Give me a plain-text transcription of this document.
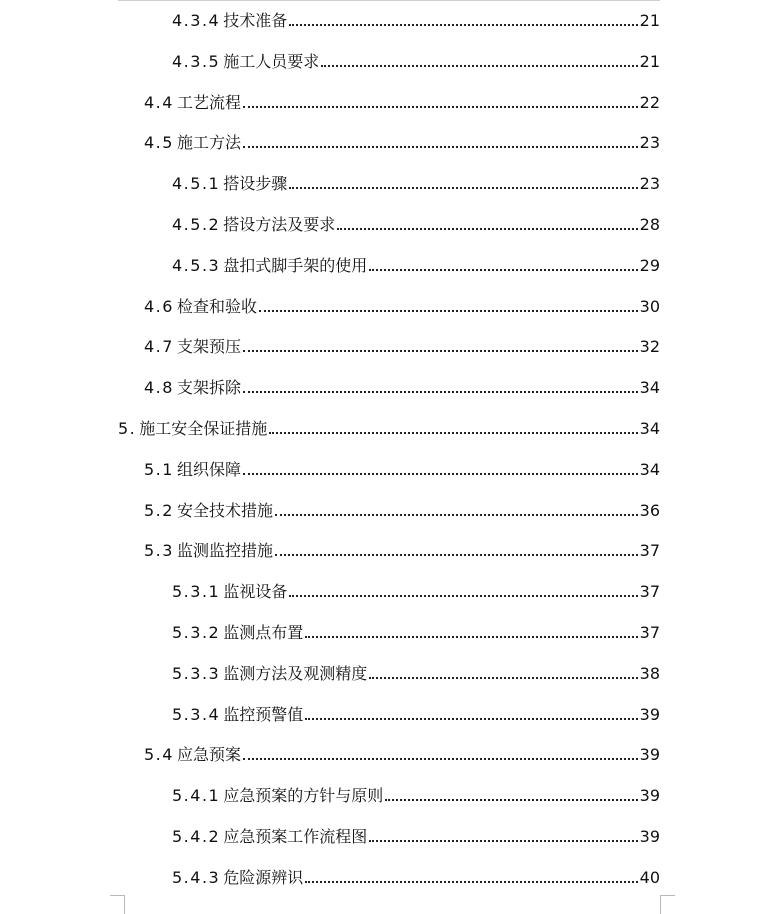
4.3.4 技术准备	21
4.3.5 施工人员要求	21
4.4 工艺流程	22
4.5 施工方法	23
4.5.1 搭设步骤	23
4.5.2 搭设方法及要求	28
4.5.3 盘扣式脚手架的使用	29
4.6 检查和验收	30
4.7 支架预压	32
4.8 支架拆除	34
5. 施工安全保证措施	34
5.1 组织保障	34
5.2 安全技术措施	36
5.3 监测监控措施	37
5.3.1 监视设备	37
5.3.2 监测点布置	37
5.3.3 监测方法及观测精度	38
5.3.4 监控预警值	39
5.4 应急预案	39
5.4.1 应急预案的方针与原则	39
5.4.2 应急预案工作流程图	39
5.4.3 危险源辨识	40
